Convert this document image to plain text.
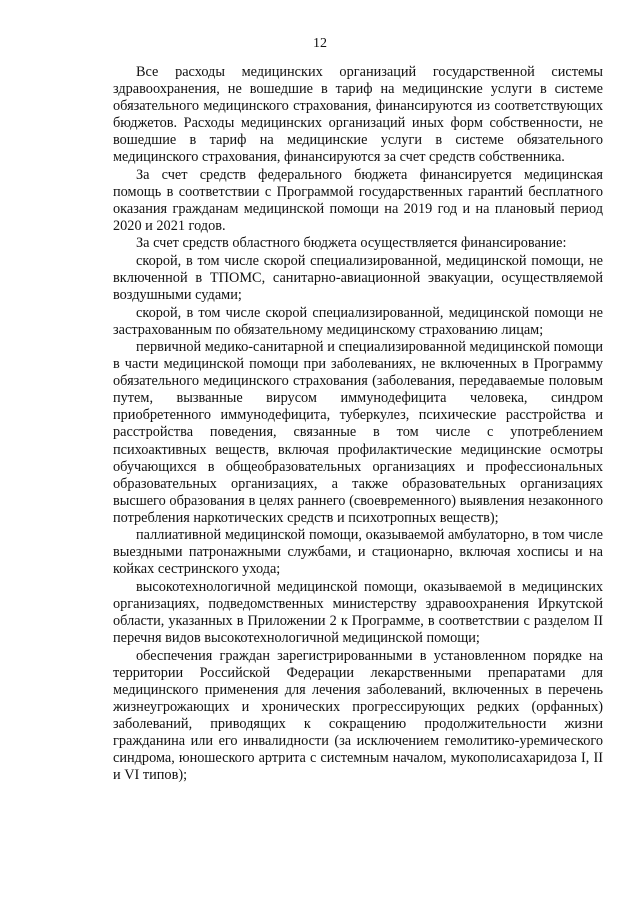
12

Все расходы медицинских организаций государственной системы здравоохранения, не вошедшие в тариф на медицинские услуги в системе обязательного медицинского страхования, финансируются из соответствующих бюджетов. Расходы медицинских организаций иных форм собственности, не вошедшие в тариф на медицинские услуги в системе обязательного медицинского страхования, финансируются за счет средств собственника.

За счет средств федерального бюджета финансируется медицинская помощь в соответствии с Программой государственных гарантий бесплатного оказания гражданам медицинской помощи на 2019 год и на плановый период 2020 и 2021 годов.

За счет средств областного бюджета осуществляется финансирование:

скорой, в том числе скорой специализированной, медицинской помощи, не включенной в ТПОМС, санитарно-авиационной эвакуации, осуществляемой воздушными судами;

скорой, в том числе скорой специализированной, медицинской помощи не застрахованным по обязательному медицинскому страхованию лицам;

первичной медико-санитарной и специализированной медицинской помощи в части медицинской помощи при заболеваниях, не включенных в Программу обязательного медицинского страхования (заболевания, передаваемые половым путем, вызванные вирусом иммунодефицита человека, синдром приобретенного иммунодефицита, туберкулез, психические расстройства и расстройства поведения, связанные в том числе с употреблением психоактивных веществ, включая профилактические медицинские осмотры обучающихся в общеобразовательных организациях и профессиональных образовательных организациях, а также образовательных организациях высшего образования в целях раннего (своевременного) выявления незаконного потребления наркотических средств и психотропных веществ);

паллиативной медицинской помощи, оказываемой амбулаторно, в том числе выездными патронажными службами, и стационарно, включая хосписы и на койках сестринского ухода;

высокотехнологичной медицинской помощи, оказываемой в медицинских организациях, подведомственных министерству здравоохранения Иркутской области, указанных в Приложении 2 к Программе, в соответствии с разделом II перечня видов высокотехнологичной медицинской помощи;

обеспечения граждан зарегистрированными в установленном порядке на территории Российской Федерации лекарственными препаратами для медицинского применения для лечения заболеваний, включенных в перечень жизнеугрожающих и хронических прогрессирующих редких (орфанных) заболеваний, приводящих к сокращению продолжительности жизни гражданина или его инвалидности (за исключением гемолитико-уремического синдрома, юношеского артрита с системным началом, мукополисахаридоза I, II и VI типов);
